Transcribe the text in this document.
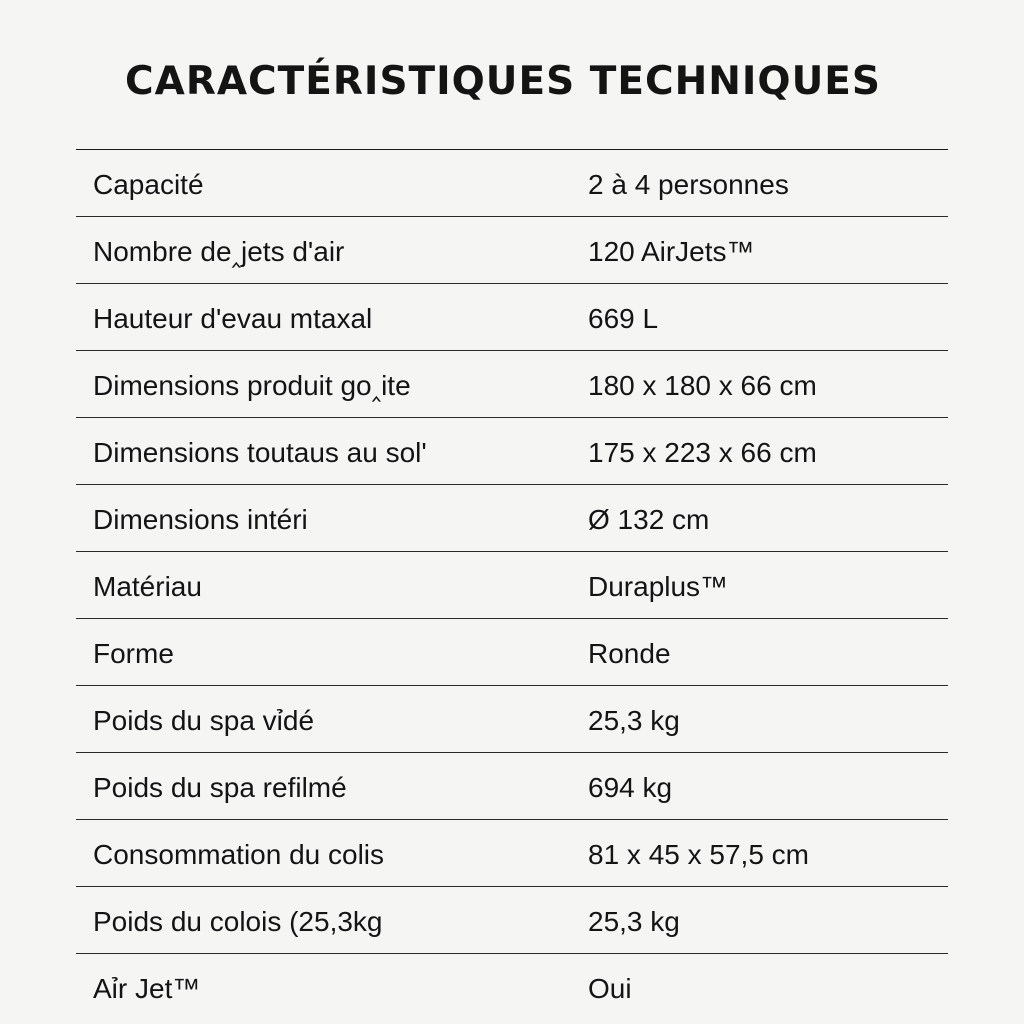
CARACTÉRISTIQUES TECHNIQUES
Capacité	2 à 4 personnes
Nombre de‸jets d'air	120 AirJets™
Hauteur d'evau mtaxal	669 L
Dimensions produit go‸ite	180 x 180 x 66 cm
Dimensions toutaus au sol'	175 x 223 x 66 cm
Dimensions intéri	Ø 132 cm
Matériau	Duraplus™
Forme	Ronde
Poids du spa vỉdé	25,3 kg
Poids du spa refilmé	694 kg
Consommation du colis	81 x 45 x 57,5 cm
Poids du colois (25,3kg	25,3 kg
Aỉr Jet™	Oui
